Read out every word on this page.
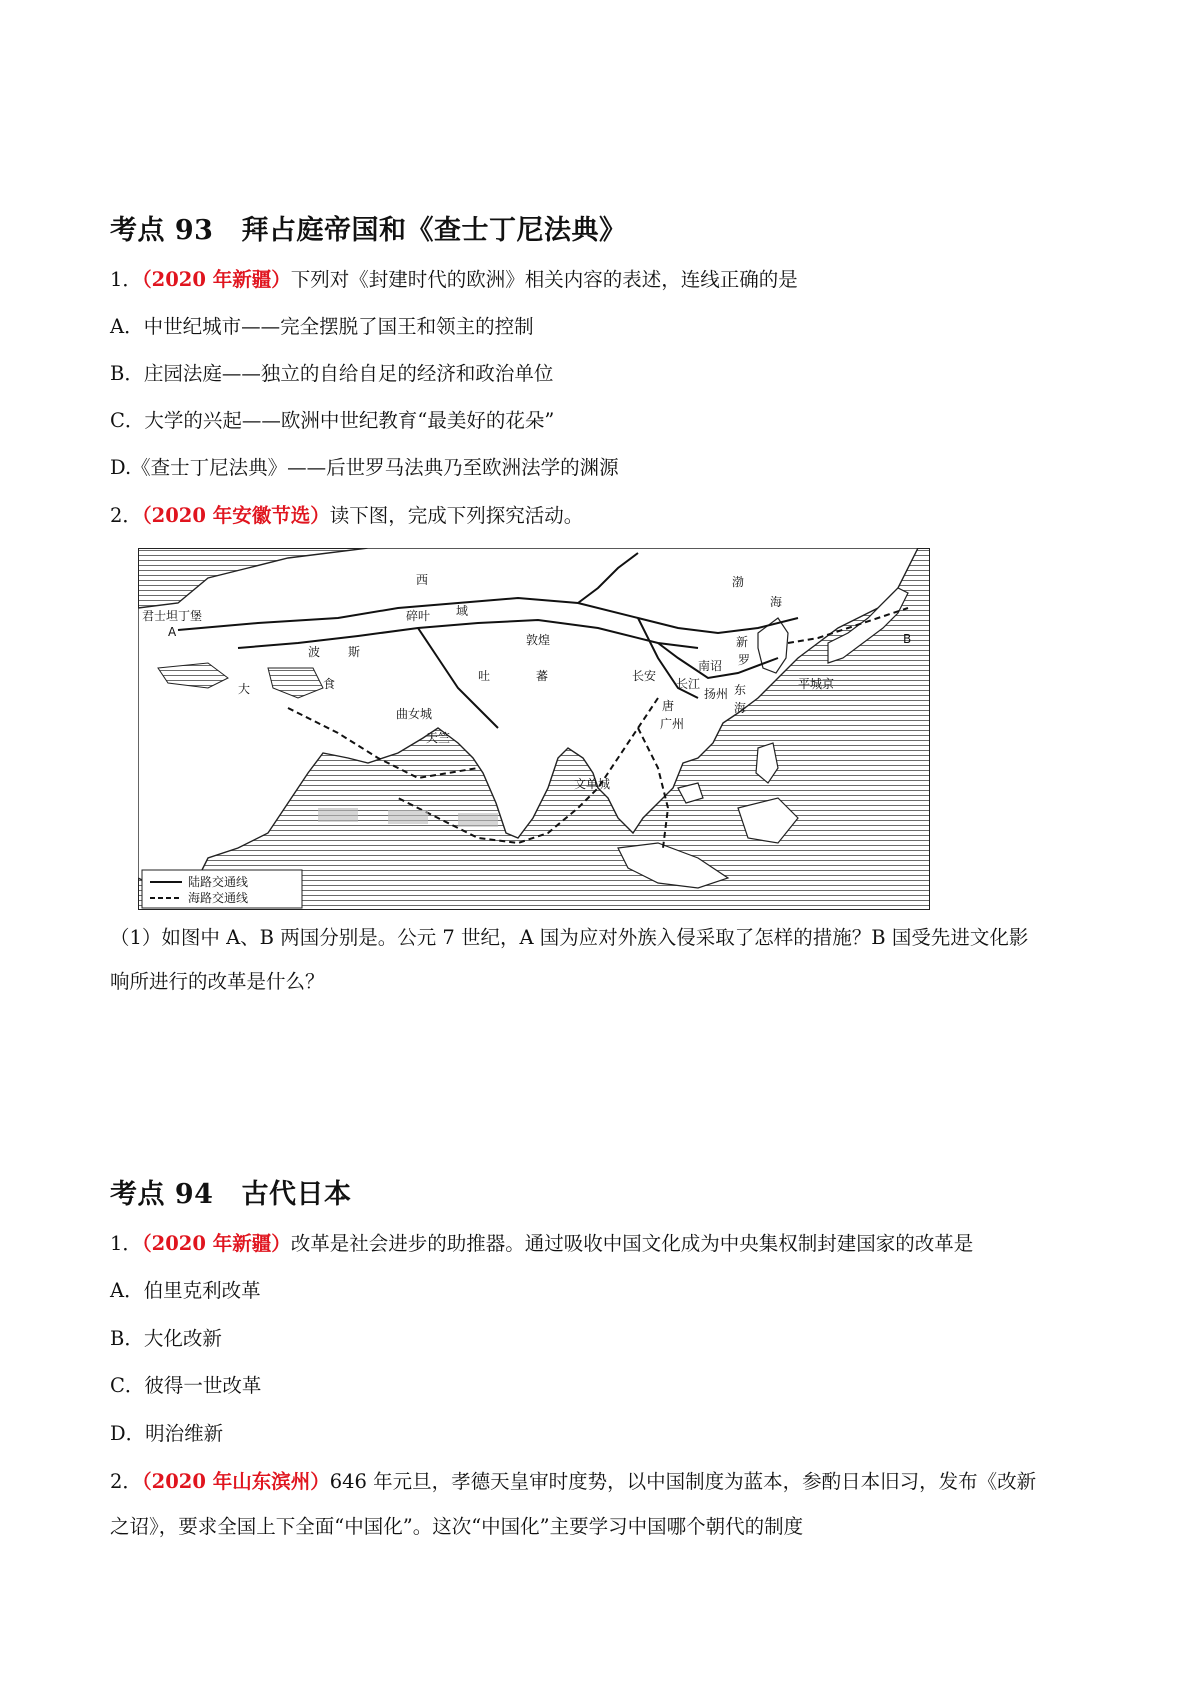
考点 93 拜占庭帝国和《查士丁尼法典》
1．（2020 年新疆）下列对《封建时代的欧洲》相关内容的表述，连线正确的是
A．中世纪城市——完全摆脱了国王和领主的控制
B．庄园法庭——独立的自给自足的经济和政治单位
C．大学的兴起——欧洲中世纪教育“最美好的花朵”
D.《查士丁尼法典》——后世罗马法典乃至欧洲法学的渊源
2．（2020 年安徽节选）读下图，完成下列探究活动。
君士坦丁堡
A	B
大	食
波 斯
西
域
碎叶
敦煌
吐	蕃
曲女城
天竺
长安
长江
唐
广州
扬州
南诏
文单城
渤
海
新
罗
东
海
平城京
陆路交通线
海路交通线
（1）如图中 A、B 两国分别是。公元 7 世纪，A 国为应对外族入侵采取了怎样的措施？B 国受先进文化影
响所进行的改革是什么？
考点 94 古代日本
1．（2020 年新疆）改革是社会进步的助推器。通过吸收中国文化成为中央集权制封建国家的改革是
A．伯里克利改革
B．大化改新
C．彼得一世改革
D．明治维新
2．（2020 年山东滨州）646 年元旦，孝德天皇审时度势，以中国制度为蓝本，参酌日本旧习，发布《改新
之诏》，要求全国上下全面“中国化”。这次“中国化”主要学习中国哪个朝代的制度
